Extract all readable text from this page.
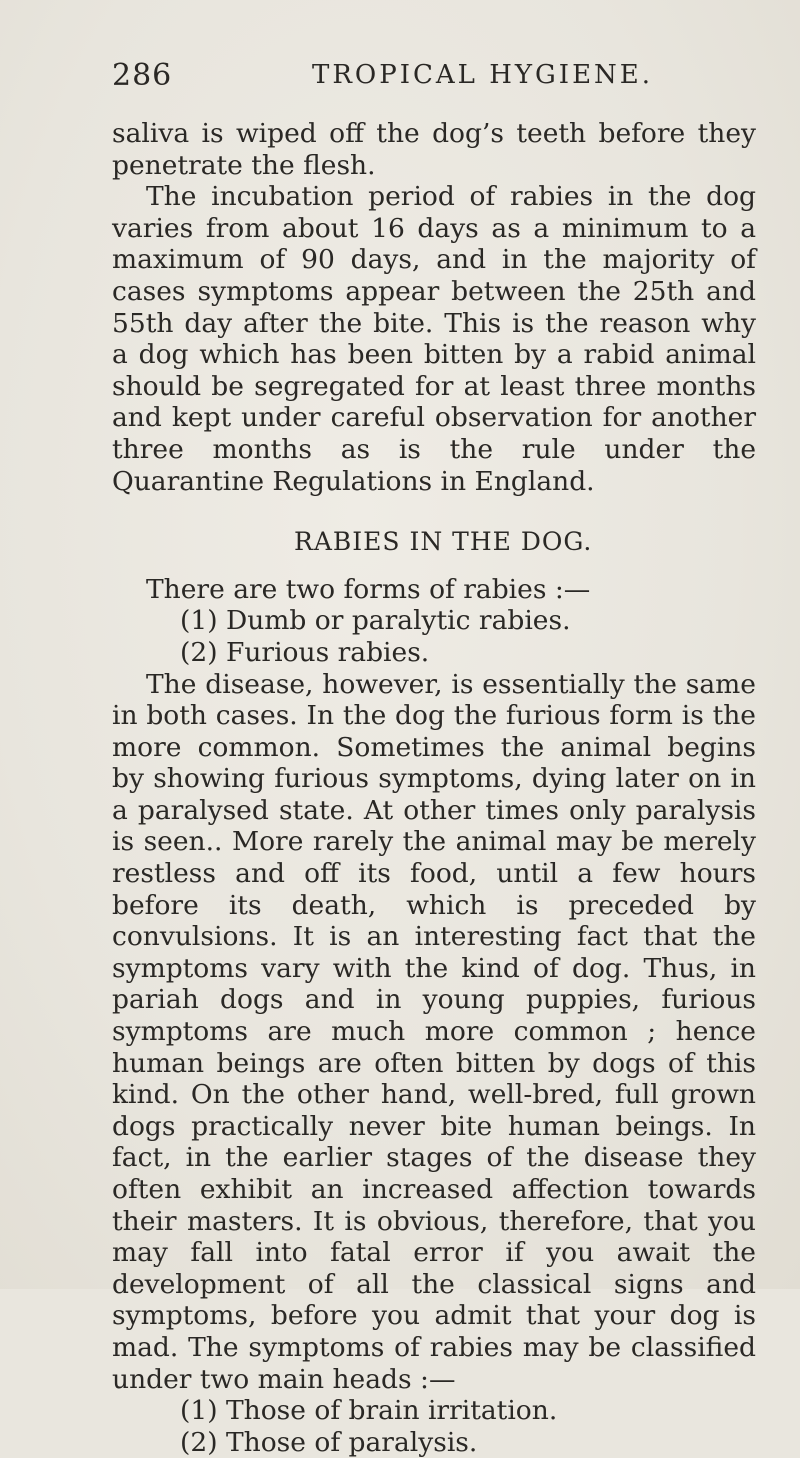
286	TROPICAL HYGIENE.

saliva is wiped off the dog’s teeth before they penetrate the flesh.

The incubation period of rabies in the dog varies from about 16 days as a minimum to a maximum of 90 days, and in the majority of cases symptoms appear between the 25th and 55th day after the bite. This is the reason why a dog which has been bitten by a rabid animal should be segregated for at least three months and kept under careful observation for another three months as is the rule under the Quarantine Regulations in England.

RABIES IN THE DOG.

There are two forms of rabies :—

(1) Dumb or paralytic rabies.

(2) Furious rabies.

The disease, however, is essentially the same in both cases. In the dog the furious form is the more common. Sometimes the animal begins by showing furious symptoms, dying later on in a paralysed state. At other times only paralysis is seen.. More rarely the animal may be merely restless and off its food, until a few hours before its death, which is preceded by convulsions. It is an interesting fact that the symptoms vary with the kind of dog. Thus, in pariah dogs and in young puppies, furious symptoms are much more common ; hence human beings are often bitten by dogs of this kind. On the other hand, well-bred, full grown dogs practically never bite human beings. In fact, in the earlier stages of the disease they often exhibit an increased affection towards their masters. It is obvious, therefore, that you may fall into fatal error if you await the development of all the classical signs and symptoms, before you admit that your dog is mad. The symptoms of rabies may be classified under two main heads :—

(1) Those of brain irritation.

(2) Those of paralysis.
